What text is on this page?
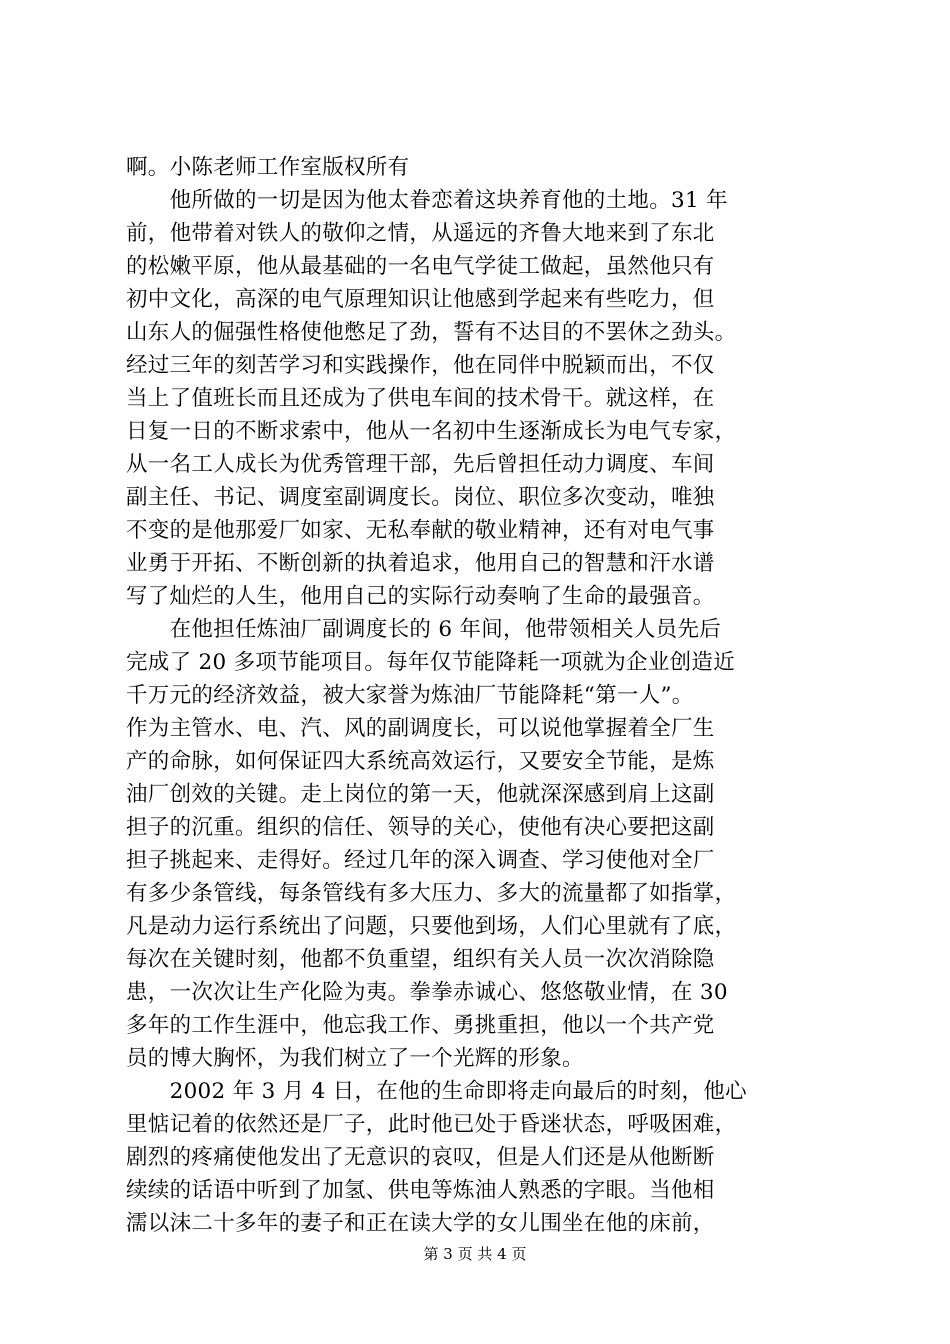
啊。小陈老师工作室版权所有
　　他所做的一切是因为他太眷恋着这块养育他的土地。31 年
前，他带着对铁人的敬仰之情，从遥远的齐鲁大地来到了东北
的松嫩平原，他从最基础的一名电气学徒工做起，虽然他只有
初中文化，高深的电气原理知识让他感到学起来有些吃力，但
山东人的倔强性格使他憋足了劲，誓有不达目的不罢休之劲头。
经过三年的刻苦学习和实践操作，他在同伴中脱颖而出，不仅
当上了值班长而且还成为了供电车间的技术骨干。就这样，在
日复一日的不断求索中，他从一名初中生逐渐成长为电气专家，
从一名工人成长为优秀管理干部，先后曾担任动力调度、车间
副主任、书记、调度室副调度长。岗位、职位多次变动，唯独
不变的是他那爱厂如家、无私奉献的敬业精神，还有对电气事
业勇于开拓、不断创新的执着追求，他用自己的智慧和汗水谱
写了灿烂的人生，他用自己的实际行动奏响了生命的最强音。
　　在他担任炼油厂副调度长的 6 年间，他带领相关人员先后
完成了 20 多项节能项目。每年仅节能降耗一项就为企业创造近
千万元的经济效益，被大家誉为炼油厂节能降耗“第一人”。
作为主管水、电、汽、风的副调度长，可以说他掌握着全厂生
产的命脉，如何保证四大系统高效运行，又要安全节能，是炼
油厂创效的关键。走上岗位的第一天，他就深深感到肩上这副
担子的沉重。组织的信任、领导的关心，使他有决心要把这副
担子挑起来、走得好。经过几年的深入调查、学习使他对全厂
有多少条管线，每条管线有多大压力、多大的流量都了如指掌，
凡是动力运行系统出了问题，只要他到场，人们心里就有了底，
每次在关键时刻，他都不负重望，组织有关人员一次次消除隐
患，一次次让生产化险为夷。拳拳赤诚心、悠悠敬业情，在 30
多年的工作生涯中，他忘我工作、勇挑重担，他以一个共产党
员的博大胸怀，为我们树立了一个光辉的形象。
　　2002 年 3 月 4 日，在他的生命即将走向最后的时刻，他心
里惦记着的依然还是厂子，此时他已处于昏迷状态，呼吸困难，
剧烈的疼痛使他发出了无意识的哀叹，但是人们还是从他断断
续续的话语中听到了加氢、供电等炼油人熟悉的字眼。当他相
濡以沫二十多年的妻子和正在读大学的女儿围坐在他的床前，
第 3 页 共 4 页
